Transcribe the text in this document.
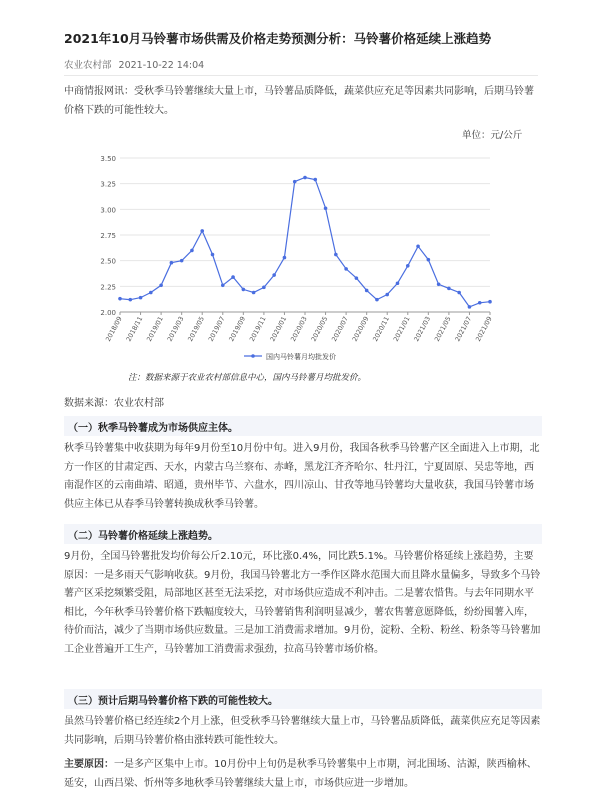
2021年10月马铃薯市场供需及价格走势预测分析：马铃薯价格延续上涨趋势
农业农村部 2021-10-22 14:04
中商情报网讯：受秋季马铃薯继续大量上市，马铃薯品质降低，蔬菜供应充足等因素共同影响，后期马铃薯价格下跌的可能性较大。
单位：元/公斤
2.00
2.25
2.50
2.75
3.00
3.25
3.50
2018/09 2018/11 2019/01 2019/03 2019/05 2019/07 2019/09 2019/11 2020/01 2020/03 2020/05 2020/07 2020/09 2020/11 2021/01 2021/03 2021/05 2021/07 2021/09
国内马铃薯月均批发价
注：数据来源于农业农村部信息中心，国内马铃薯月均批发价。
数据来源：农业农村部
（一）秋季马铃薯成为市场供应主体。
秋季马铃薯集中收获期为每年9月份至10月份中旬。进入9月份，我国各秋季马铃薯产区全面进入上市期，北方一作区的甘肃定西、天水，内蒙古乌兰察布、赤峰，黑龙江齐齐哈尔、牡丹江，宁夏固原、吴忠等地，西南混作区的云南曲靖、昭通，贵州毕节、六盘水，四川凉山、甘孜等地马铃薯均大量收获，我国马铃薯市场供应主体已从春季马铃薯转换成秋季马铃薯。
（二）马铃薯价格延续上涨趋势。
9月份，全国马铃薯批发均价每公斤2.10元，环比涨0.4%，同比跌5.1%。马铃薯价格延续上涨趋势，主要原因：一是多雨天气影响收获。9月份，我国马铃薯北方一季作区降水范围大而且降水量偏多，导致多个马铃薯产区采挖频繁受阻，局部地区甚至无法采挖，对市场供应造成不利冲击。二是薯农惜售。与去年同期水平相比，今年秋季马铃薯价格下跌幅度较大，马铃薯销售利润明显减少，薯农售薯意愿降低，纷纷囤薯入库，待价而沽，减少了当期市场供应数量。三是加工消费需求增加。9月份，淀粉、全粉、粉丝、粉条等马铃薯加工企业普遍开工生产，马铃薯加工消费需求强劲，拉高马铃薯市场价格。
（三）预计后期马铃薯价格下跌的可能性较大。
虽然马铃薯价格已经连续2个月上涨，但受秋季马铃薯继续大量上市，马铃薯品质降低，蔬菜供应充足等因素共同影响，后期马铃薯价格由涨转跌可能性较大。
主要原因：一是多产区集中上市。10月份中上旬仍是秋季马铃薯集中上市期，河北围场、沽源，陕西榆林、延安，山西吕梁、忻州等多地秋季马铃薯继续大量上市，市场供应进一步增加。
